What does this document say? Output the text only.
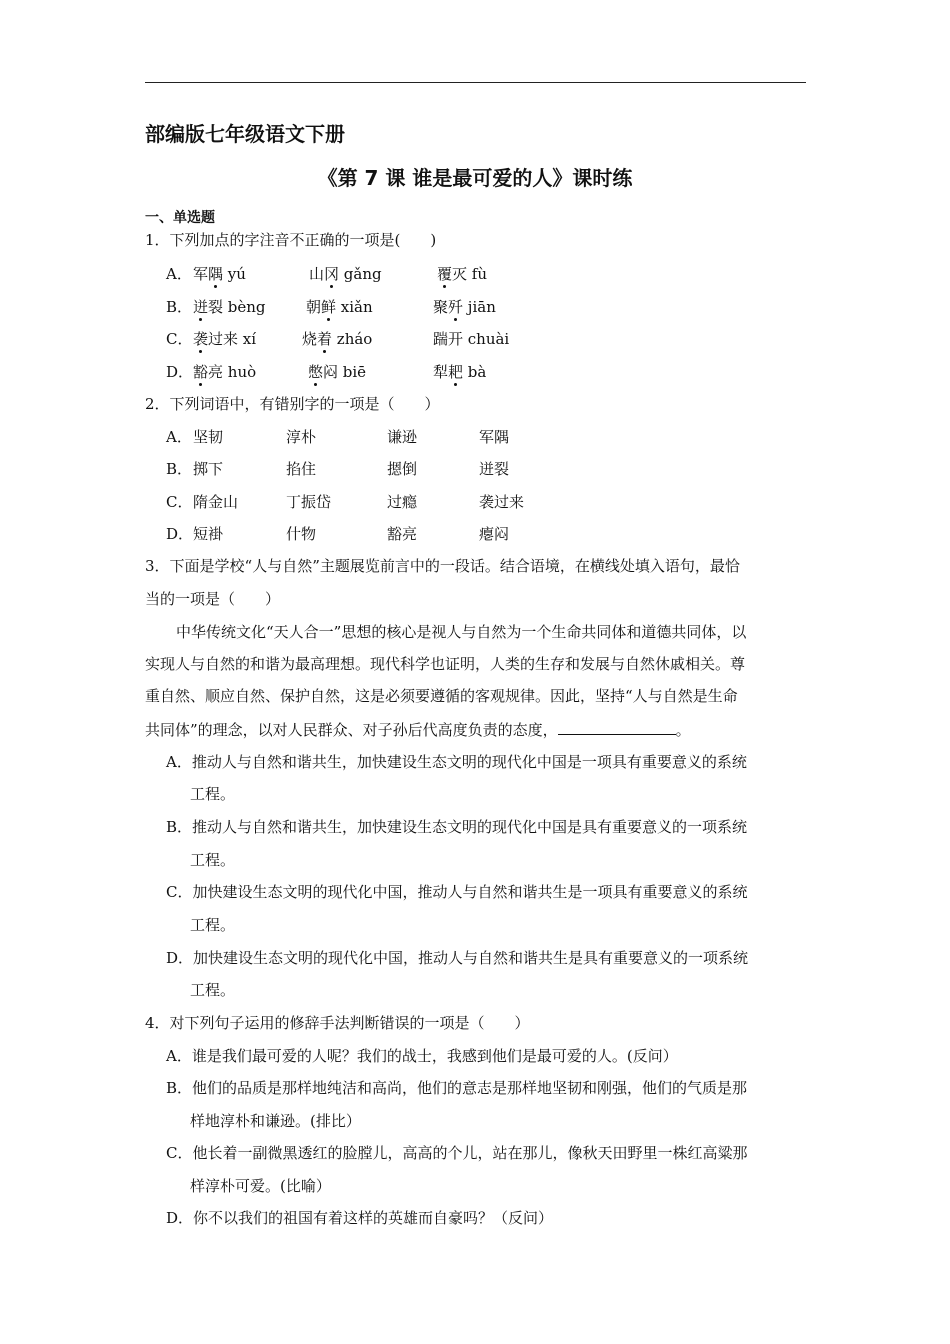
部编版七年级语文下册
《第 7 课 谁是最可爱的人》课时练
一、单选题
1．下列加点的字注音不正确的一项是(　　)
A． 军隅 yú	山冈 gǎng	覆灭 fù
B． 迸裂 bèng	朝鲜 xiǎn	聚歼 jiān
C． 袭过来 xí	烧着 zháo	踹开 chuài
D． 豁亮 huò	憋闷 biē	犁耙 bà
2．下列词语中，有错别字的一项是（　　）
A． 坚韧	淳朴	谦逊	军隅
B． 掷下	掐住	摁倒	迸裂
C． 隋金山	丁振岱	过瘾	袭过来
D． 短褂	什物	豁亮	瘪闷
3．下面是学校“人与自然”主题展览前言中的一段话。结合语境，在横线处填入语句，最恰
当的一项是（　　）
中华传统文化“天人合一”思想的核心是视人与自然为一个生命共同体和道德共同体，以
实现人与自然的和谐为最高理想。现代科学也证明，人类的生存和发展与自然休戚相关。尊
重自然、顺应自然、保护自然，这是必须要遵循的客观规律。因此，坚持“人与自然是生命
共同体”的理念，以对人民群众、对子孙后代高度负责的态度，	。
A．推动人与自然和谐共生，加快建设生态文明的现代化中国是一项具有重要意义的系统
工程。
B．推动人与自然和谐共生，加快建设生态文明的现代化中国是具有重要意义的一项系统
工程。
C．加快建设生态文明的现代化中国，推动人与自然和谐共生是一项具有重要意义的系统
工程。
D．加快建设生态文明的现代化中国，推动人与自然和谐共生是具有重要意义的一项系统
工程。
4．对下列句子运用的修辞手法判断错误的一项是（　　）
A．谁是我们最可爱的人呢？我们的战士，我感到他们是最可爱的人。(反问）
B．他们的品质是那样地纯洁和高尚，他们的意志是那样地坚韧和刚强，他们的气质是那
样地淳朴和谦逊。(排比）
C．他长着一副微黑透红的脸膛儿，高高的个儿，站在那儿，像秋天田野里一株红高粱那
样淳朴可爱。(比喻）
D．你不以我们的祖国有着这样的英雄而自豪吗？（反问）
